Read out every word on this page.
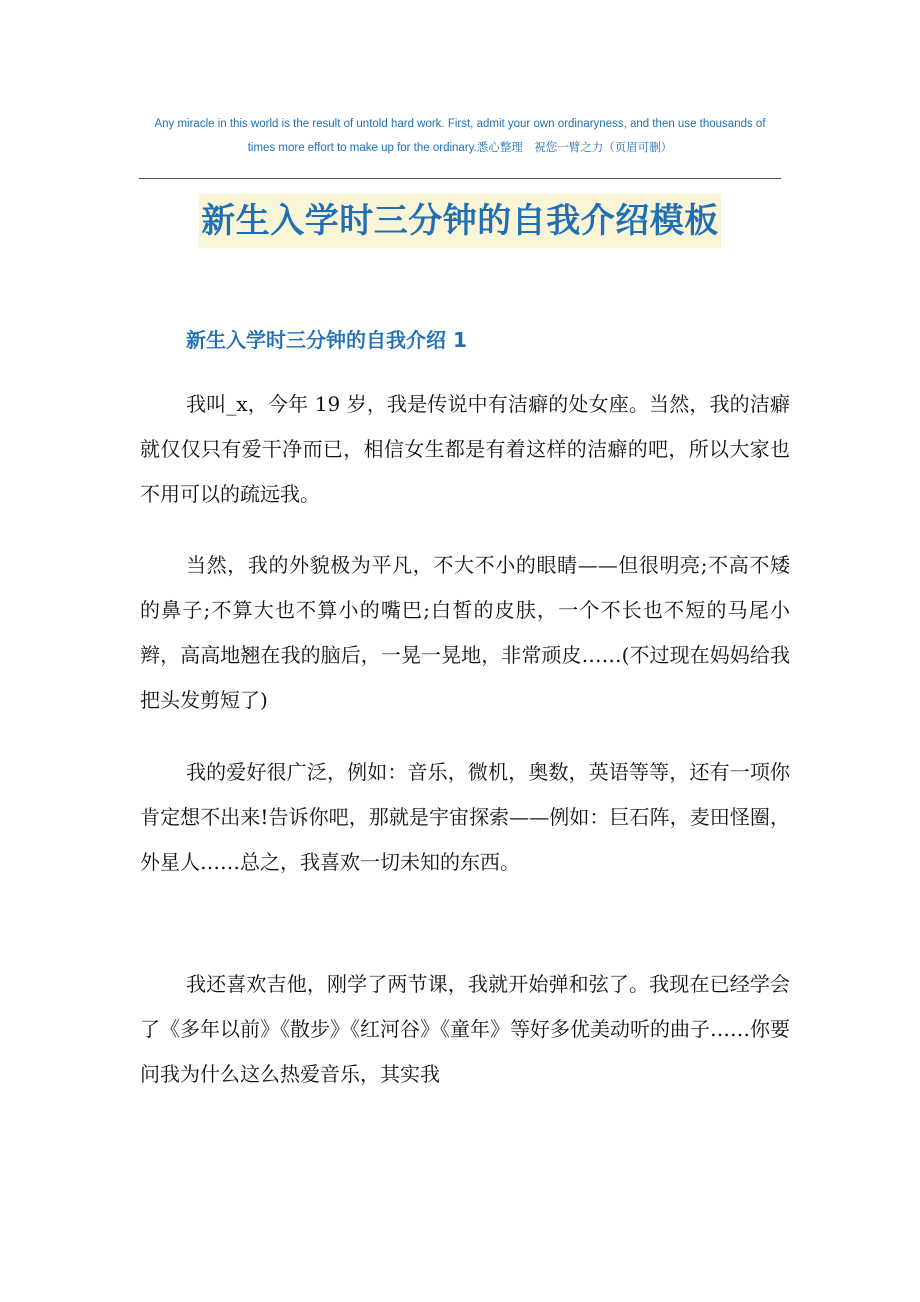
Any miracle in this world is the result of untold hard work. First, admit your own ordinaryness, and then use thousands of times more effort to make up for the ordinary.悉心整理　祝您一臂之力（页眉可删）
新生入学时三分钟的自我介绍模板
新生入学时三分钟的自我介绍 1

我叫_x，今年 19 岁，我是传说中有洁癖的处女座。当然，我的洁癖就仅仅只有爱干净而已，相信女生都是有着这样的洁癖的吧，所以大家也不用可以的疏远我。

当然，我的外貌极为平凡，不大不小的眼睛——但很明亮;不高不矮的鼻子;不算大也不算小的嘴巴;白皙的皮肤，一个不长也不短的马尾小辫，高高地翘在我的脑后，一晃一晃地，非常顽皮……(不过现在妈妈给我把头发剪短了)

我的爱好很广泛，例如：音乐，微机，奥数，英语等等，还有一项你肯定想不出来!告诉你吧，那就是宇宙探索——例如：巨石阵，麦田怪圈，外星人……总之，我喜欢一切未知的东西。

我还喜欢吉他，刚学了两节课，我就开始弹和弦了。我现在已经学会了《多年以前》《散步》《红河谷》《童年》等好多优美动听的曲子……你要问我为什么这么热爱音乐，其实我
